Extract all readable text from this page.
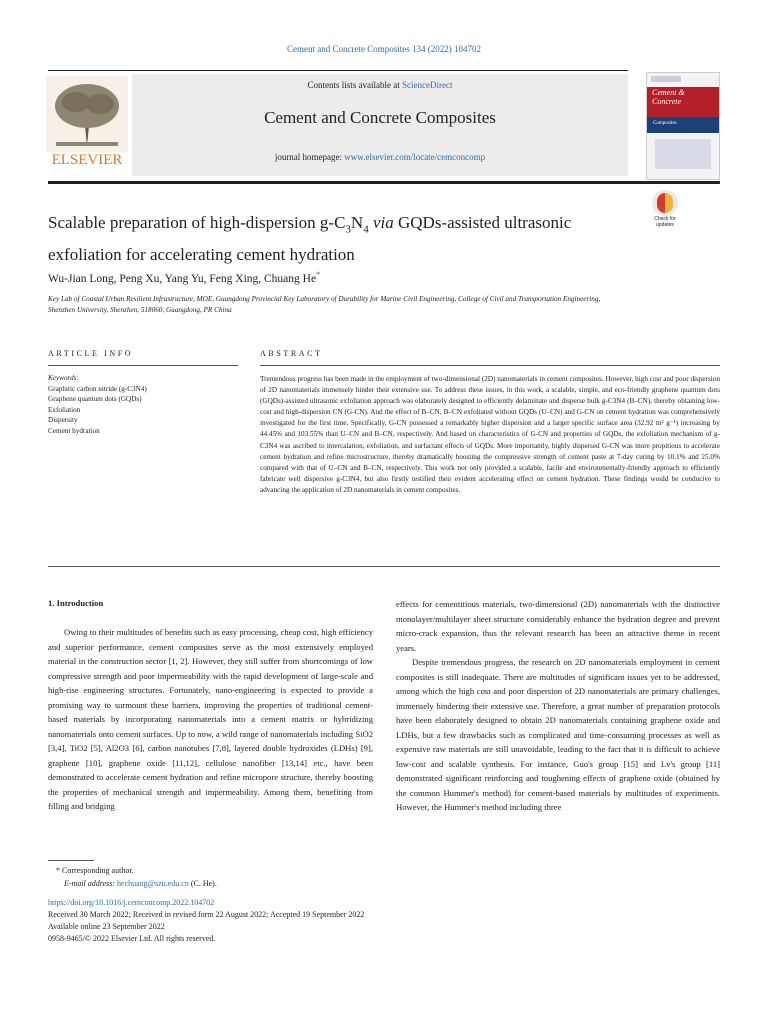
Cement and Concrete Composites 134 (2022) 104702
ELSEVIER
Contents lists available at ScienceDirect
Cement and Concrete Composites
journal homepage: www.elsevier.com/locate/cemconcomp
Cement &
Concrete
Composites
Scalable preparation of high-dispersion $g-C_3N_4$ via GQDs-assisted ultrasonic exfoliation for accelerating cement hydration
Check for
updates
Wu-Jian Long, Peng Xu, Yang Yu, Feng Xing, Chuang He*
Key Lab of Coastal Urban Resilient Infrastructure, MOE, Guangdong Provincial Key Laboratory of Durability for Marine Civil Engineering, College of Civil and Transportation Engineering, Shenzhen University, Shenzhen, 518060, Guangdong, PR China
ARTICLE INFO
Keywords:
Graphitic carbon nitride (g-C3N4)
Graphene quantum dots (GQDs)
Exfoliation
Dispersity
Cement hydration
ABSTRACT
Tremendous progress has been made in the employment of two-dimensional (2D) nanomaterials in cement composites. However, high cost and poor dispersion of 2D nanomaterials immensely hinder their extensive use. To address these issues, in this work, a scalable, simple, and eco-friendly graphene quantum dots (GQDs)-assisted ultrasonic exfoliation approach was elaborately designed to efficiently delaminate and disperse bulk g-C3N4 (B–CN), thereby obtaining low-cost and high-dispersion CN (G-CN). And the effect of B–CN, B–CN exfoliated without GQDs (U–CN) and G-CN on cement hydration was comprehensively investigated for the first time. Specifically, G-CN possessed a remarkably higher dispersion and a larger specific surface area (32.92 m² g⁻¹) increasing by 44.45% and 103.55% than U–CN and B–CN, respectively. And based on characteristics of G-CN and properties of GQDs, the exfoliation mechanism of g-C3N4 was ascribed to intercalation, exfoliation, and surfactant effects of GQDs. More importantly, highly dispersed G-CN was more propitious to accelerate cement hydration and refine microstructure, thereby dramatically boosting the compressive strength of cement paste at 7-day curing by 10.1% and 25.0% compared with that of U–CN and B–CN, respectively. This work not only provided a scalable, facile and environmentally-friendly approach to efficiently fabricate well dispersive g-C3N4, but also firstly testified their evident accelerating effect on cement hydration. These findings would be conducive to advancing the application of 2D nanomaterials in cement composites.
1. Introduction
Owing to their multitudes of benefits such as easy processing, cheap cost, high efficiency and superior performance, cement composites serve as the most extensively employed material in the construction sector [1, 2]. However, they still suffer from shortcomings of low compressive strength and poor impermeability with the rapid development of large-scale and high-rise engineering structures. Fortunately, nano-engineering is expected to provide a promising way to surmount these barriers, improving the properties of traditional cement-based materials by incorporating nanomaterials into a cement matrix or hybridizing nanomaterials onto cement surfaces. Up to now, a wild range of nanomaterials including SiO2 [3,4], TiO2 [5], Al2O3 [6], carbon nanotubes [7,8], layered double hydroxides (LDHs) [9], graphene [10], graphene oxide [11,12], cellulose nanofiber [13,14] etc., have been demonstrated to accelerate cement hydration and refine micropore structure, thereby boosting the properties of mechanical strength and impermeability. Among them, benefiting from filling and bridging
effects for cementitious materials, two-dimensional (2D) nanomaterials with the distinctive monolayer/multilayer sheet structure considerably enhance the hydration degree and prevent micro-crack expansion, thus the relevant research has been an attractive theme in recent years.
Despite tremendous progress, the research on 2D nanomaterials employment in cement composites is still inadequate. There are multitudes of significant issues yet to be addressed, among which the high cost and poor dispersion of 2D nanomaterials are primary challenges, immensely hindering their extensive use. Therefore, a great number of preparation protocols have been elaborately designed to obtain 2D nanomaterials containing graphene oxide and LDHs, but a few drawbacks such as complicated and time-consuming processes as well as expensive raw materials are still unavoidable, leading to the fact that it is difficult to achieve low-cost and scalable synthesis. For instance, Guo's group [15] and Lv's group [11] demonstrated significant reinforcing and toughening effects of graphene oxide (obtained by the common Hummer's method) for cement-based materials by multitudes of experiments. However, the Hummer's method including three
* Corresponding author.
E-mail address: hechuang@szu.edu.cn (C. He).
https://doi.org/10.1016/j.cemconcomp.2022.104702
Received 30 March 2022; Received in revised form 22 August 2022; Accepted 19 September 2022
Available online 23 September 2022
0958-9465/© 2022 Elsevier Ltd. All rights reserved.
